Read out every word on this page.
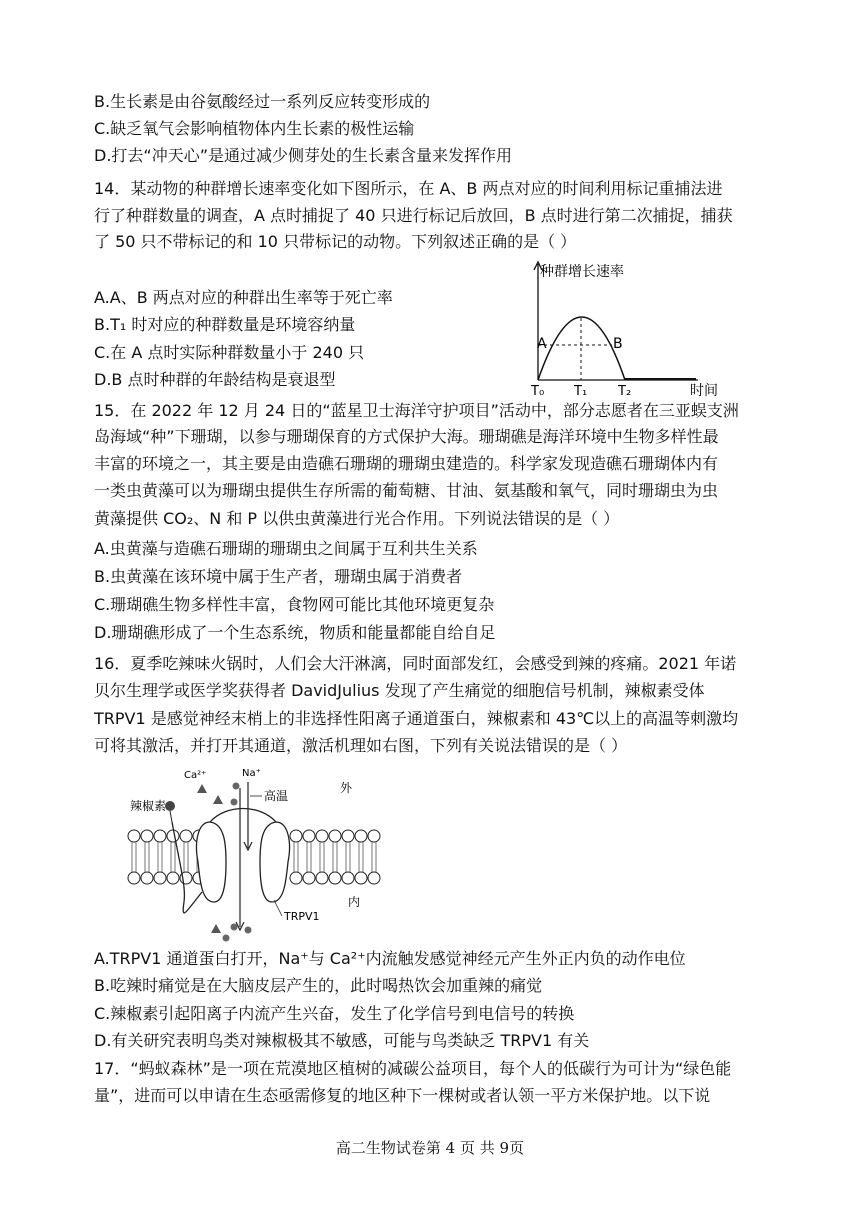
B.生长素是由谷氨酸经过一系列反应转变形成的
C.缺乏氧气会影响植物体内生长素的极性运输
D.打去“冲天心”是通过减少侧芽处的生长素含量来发挥作用
14．某动物的种群增长速率变化如下图所示，在 A、B 两点对应的时间利用标记重捕法进
行了种群数量的调查，A 点时捕捉了 40 只进行标记后放回，B 点时进行第二次捕捉，捕获
了 50 只不带标记的和 10 只带标记的动物。下列叙述正确的是（ ）
A.A、B 两点对应的种群出生率等于死亡率
B.T₁ 时对应的种群数量是环境容纳量
C.在 A 点时实际种群数量小于 240 只
D.B 点时种群的年龄结构是衰退型
种群增长速率
A	B
T₀ T₁ T₂	时间
15．在 2022 年 12 月 24 日的“蓝星卫士海洋守护项目”活动中，部分志愿者在三亚蜈支洲
岛海域“种”下珊瑚，以参与珊瑚保育的方式保护大海。珊瑚礁是海洋环境中生物多样性最
丰富的环境之一，其主要是由造礁石珊瑚的珊瑚虫建造的。科学家发现造礁石珊瑚体内有
一类虫黄藻可以为珊瑚虫提供生存所需的葡萄糖、甘油、氨基酸和氧气，同时珊瑚虫为虫
黄藻提供 CO₂、N 和 P 以供虫黄藻进行光合作用。下列说法错误的是（ ）
A.虫黄藻与造礁石珊瑚的珊瑚虫之间属于互利共生关系
B.虫黄藻在该环境中属于生产者，珊瑚虫属于消费者
C.珊瑚礁生物多样性丰富，食物网可能比其他环境更复杂
D.珊瑚礁形成了一个生态系统，物质和能量都能自给自足
16．夏季吃辣味火锅时，人们会大汗淋漓，同时面部发红，会感受到辣的疼痛。2021 年诺
贝尔生理学或医学奖获得者 DavidJulius 发现了产生痛觉的细胞信号机制，辣椒素受体
TRPV1 是感觉神经末梢上的非选择性阳离子通道蛋白，辣椒素和 43℃以上的高温等刺激均
可将其激活，并打开其通道，激活机理如右图，下列有关说法错误的是（ ）
辣椒素
Ca²⁺	Na⁺
高温
外
内
TRPV1
A.TRPV1 通道蛋白打开，Na⁺与 Ca²⁺内流触发感觉神经元产生外正内负的动作电位
B.吃辣时痛觉是在大脑皮层产生的，此时喝热饮会加重辣的痛觉
C.辣椒素引起阳离子内流产生兴奋，发生了化学信号到电信号的转换
D.有关研究表明鸟类对辣椒极其不敏感，可能与鸟类缺乏 TRPV1 有关
17．“蚂蚁森林”是一项在荒漠地区植树的减碳公益项目，每个人的低碳行为可计为“绿色能
量”，进而可以申请在生态亟需修复的地区种下一棵树或者认领一平方米保护地。以下说
高二生物试卷第 4 页 共 9页
